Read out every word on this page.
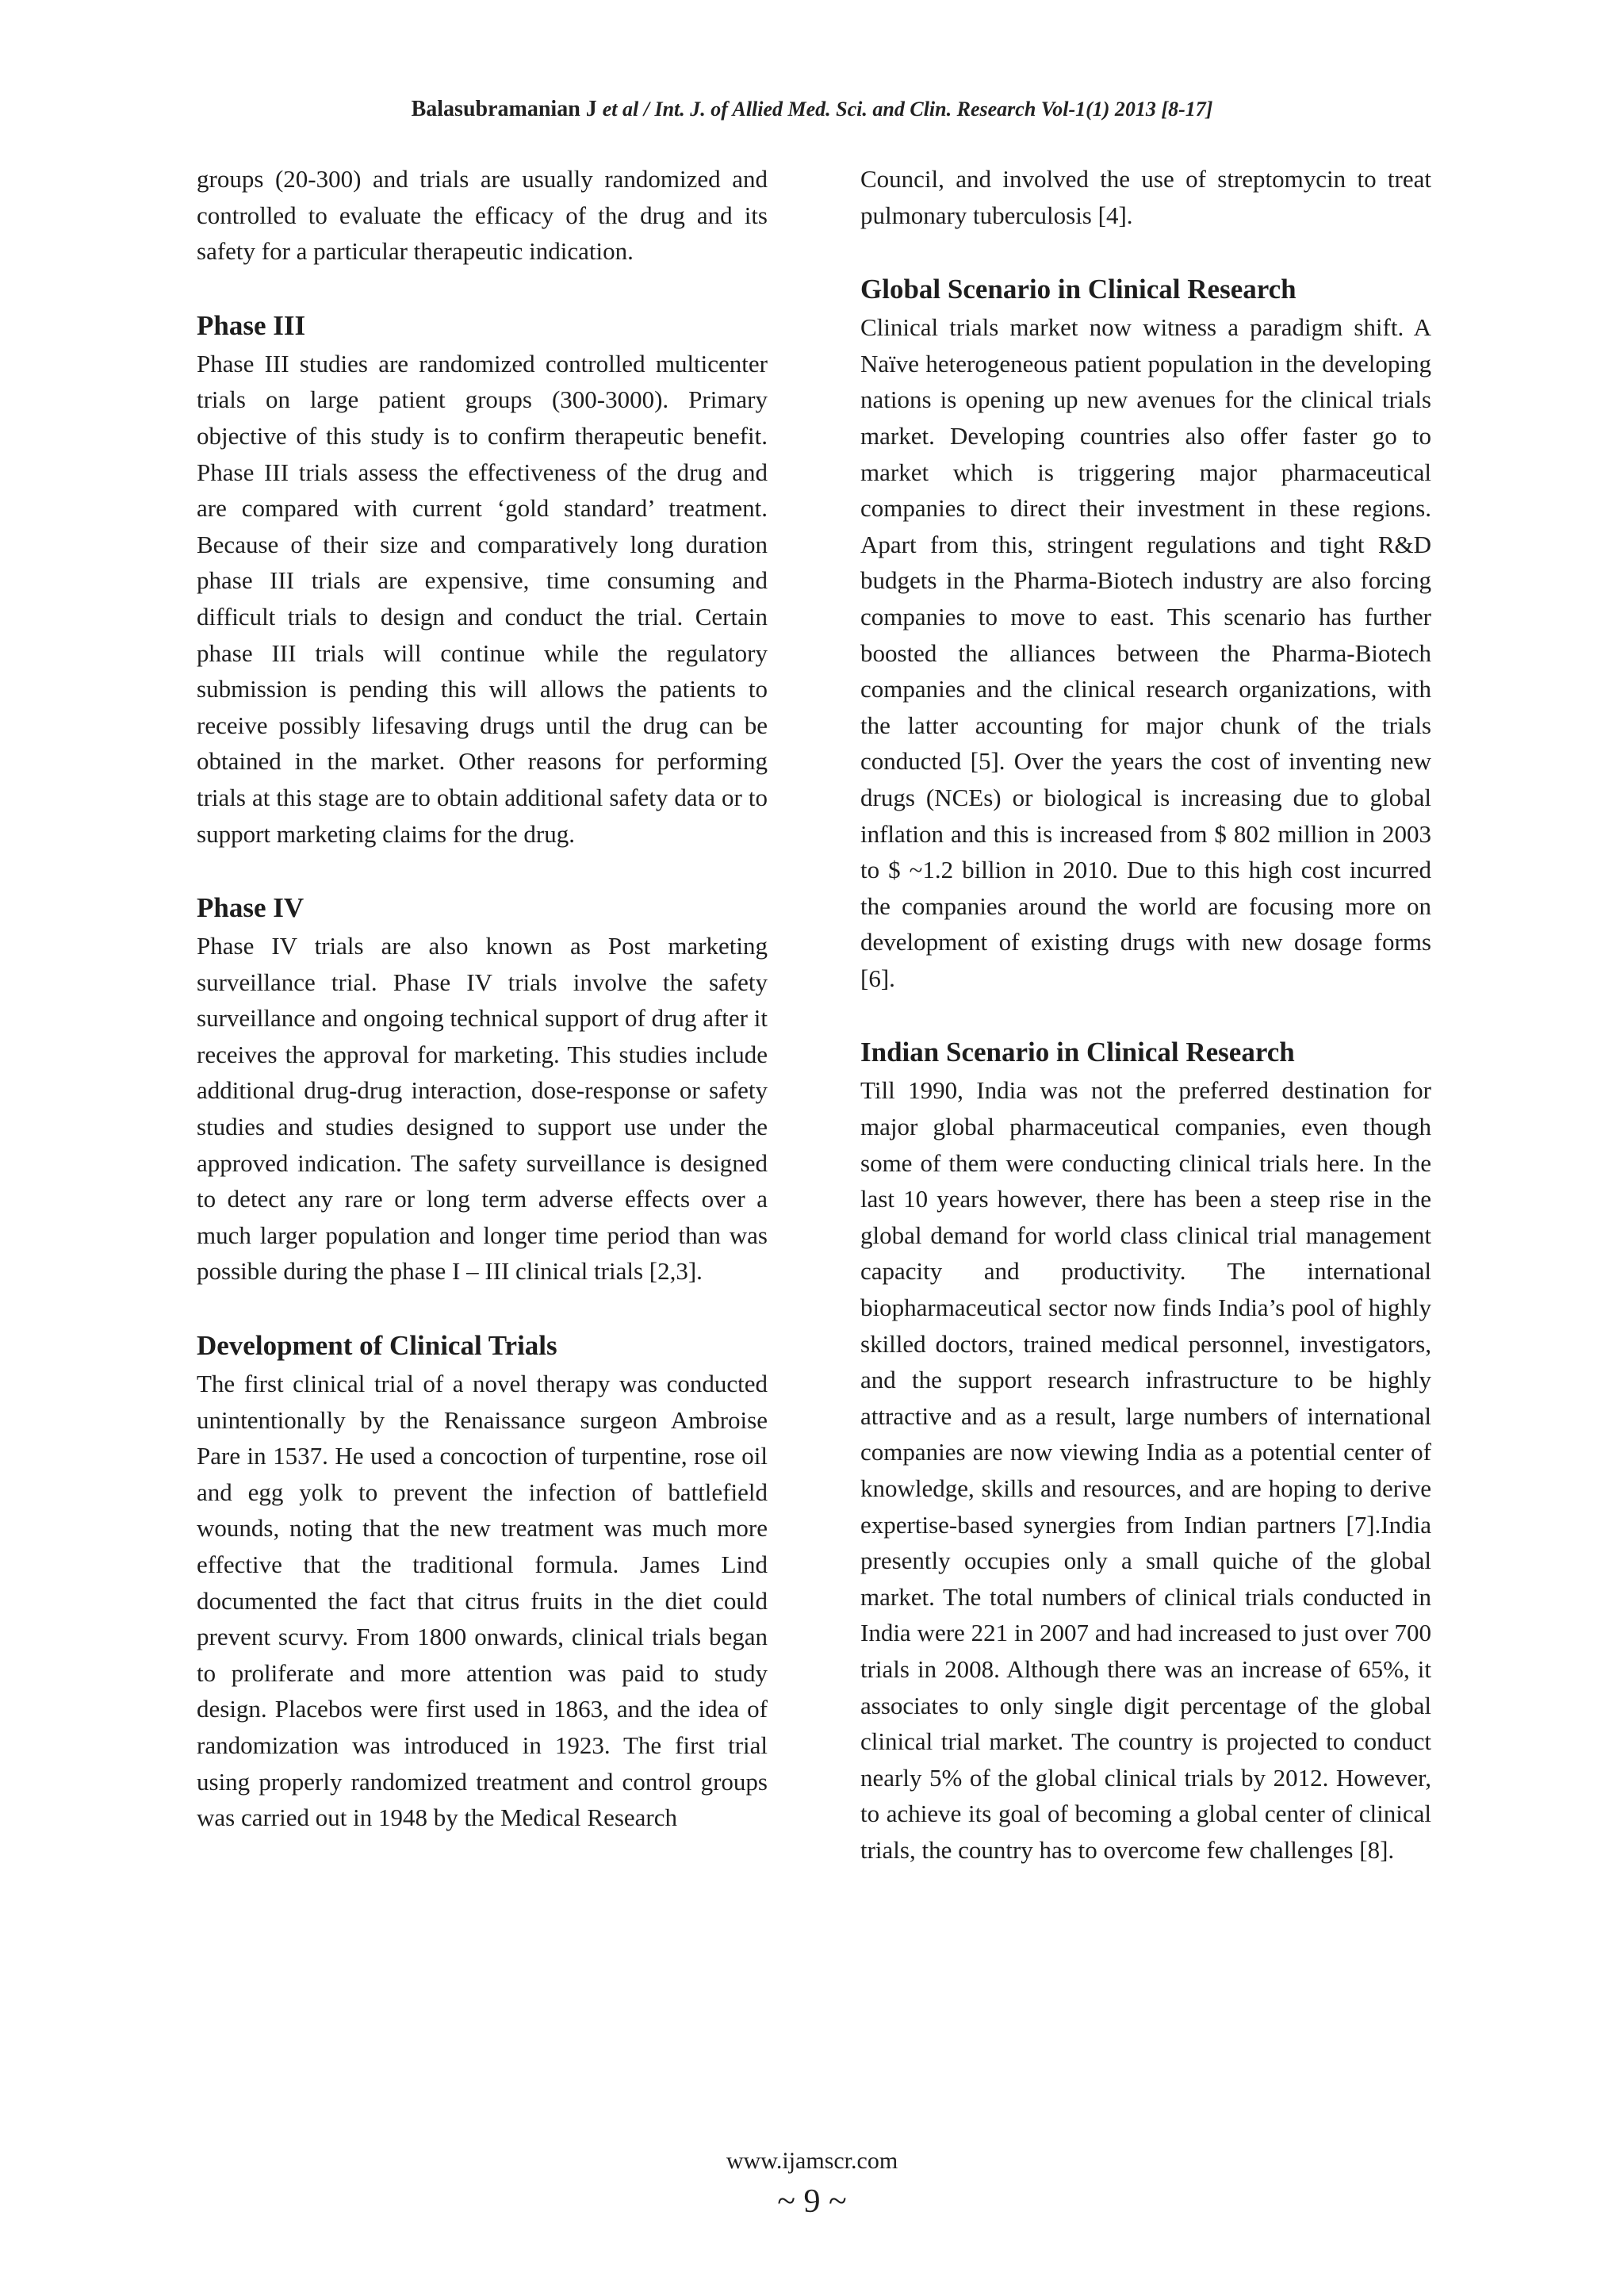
Balasubramanian J et al / Int. J. of Allied Med. Sci. and Clin. Research Vol-1(1) 2013 [8-17]

groups (20-300) and trials are usually randomized and controlled to evaluate the efficacy of the drug and its safety for a particular therapeutic indication.

Phase III

Phase III studies are randomized controlled multicenter trials on large patient groups (300-3000). Primary objective of this study is to confirm therapeutic benefit. Phase III trials assess the effectiveness of the drug and are compared with current ‘gold standard’ treatment. Because of their size and comparatively long duration phase III trials are expensive, time consuming and difficult trials to design and conduct the trial. Certain phase III trials will continue while the regulatory submission is pending this will allows the patients to receive possibly lifesaving drugs until the drug can be obtained in the market. Other reasons for performing trials at this stage are to obtain additional safety data or to support marketing claims for the drug.

Phase IV

Phase IV trials are also known as Post marketing surveillance trial. Phase IV trials involve the safety surveillance and ongoing technical support of drug after it receives the approval for marketing. This studies include additional drug-drug interaction, dose-response or safety studies and studies designed to support use under the approved indication. The safety surveillance is designed to detect any rare or long term adverse effects over a much larger population and longer time period than was possible during the phase I – III clinical trials [2,3].

Development of Clinical Trials

The first clinical trial of a novel therapy was conducted unintentionally by the Renaissance surgeon Ambroise Pare in 1537. He used a concoction of turpentine, rose oil and egg yolk to prevent the infection of battlefield wounds, noting that the new treatment was much more effective that the traditional formula. James Lind documented the fact that citrus fruits in the diet could prevent scurvy. From 1800 onwards, clinical trials began to proliferate and more attention was paid to study design. Placebos were first used in 1863, and the idea of randomization was introduced in 1923. The first trial using properly randomized treatment and control groups was carried out in 1948 by the Medical Research

Council, and involved the use of streptomycin to treat pulmonary tuberculosis [4].

Global Scenario in Clinical Research

Clinical trials market now witness a paradigm shift. A Naïve heterogeneous patient population in the developing nations is opening up new avenues for the clinical trials market. Developing countries also offer faster go to market which is triggering major pharmaceutical companies to direct their investment in these regions. Apart from this, stringent regulations and tight R&D budgets in the Pharma-Biotech industry are also forcing companies to move to east. This scenario has further boosted the alliances between the Pharma-Biotech companies and the clinical research organizations, with the latter accounting for major chunk of the trials conducted [5]. Over the years the cost of inventing new drugs (NCEs) or biological is increasing due to global inflation and this is increased from $ 802 million in 2003 to $ ~1.2 billion in 2010. Due to this high cost incurred the companies around the world are focusing more on development of existing drugs with new dosage forms [6].

Indian Scenario in Clinical Research

Till 1990, India was not the preferred destination for major global pharmaceutical companies, even though some of them were conducting clinical trials here. In the last 10 years however, there has been a steep rise in the global demand for world class clinical trial management capacity and productivity. The international biopharmaceutical sector now finds India’s pool of highly skilled doctors, trained medical personnel, investigators, and the support research infrastructure to be highly attractive and as a result, large numbers of international companies are now viewing India as a potential center of knowledge, skills and resources, and are hoping to derive expertise-based synergies from Indian partners [7].India presently occupies only a small quiche of the global market. The total numbers of clinical trials conducted in India were 221 in 2007 and had increased to just over 700 trials in 2008. Although there was an increase of 65%, it associates to only single digit percentage of the global clinical trial market. The country is projected to conduct nearly 5% of the global clinical trials by 2012. However, to achieve its goal of becoming a global center of clinical trials, the country has to overcome few challenges [8].

www.ijamscr.com
~ 9 ~
